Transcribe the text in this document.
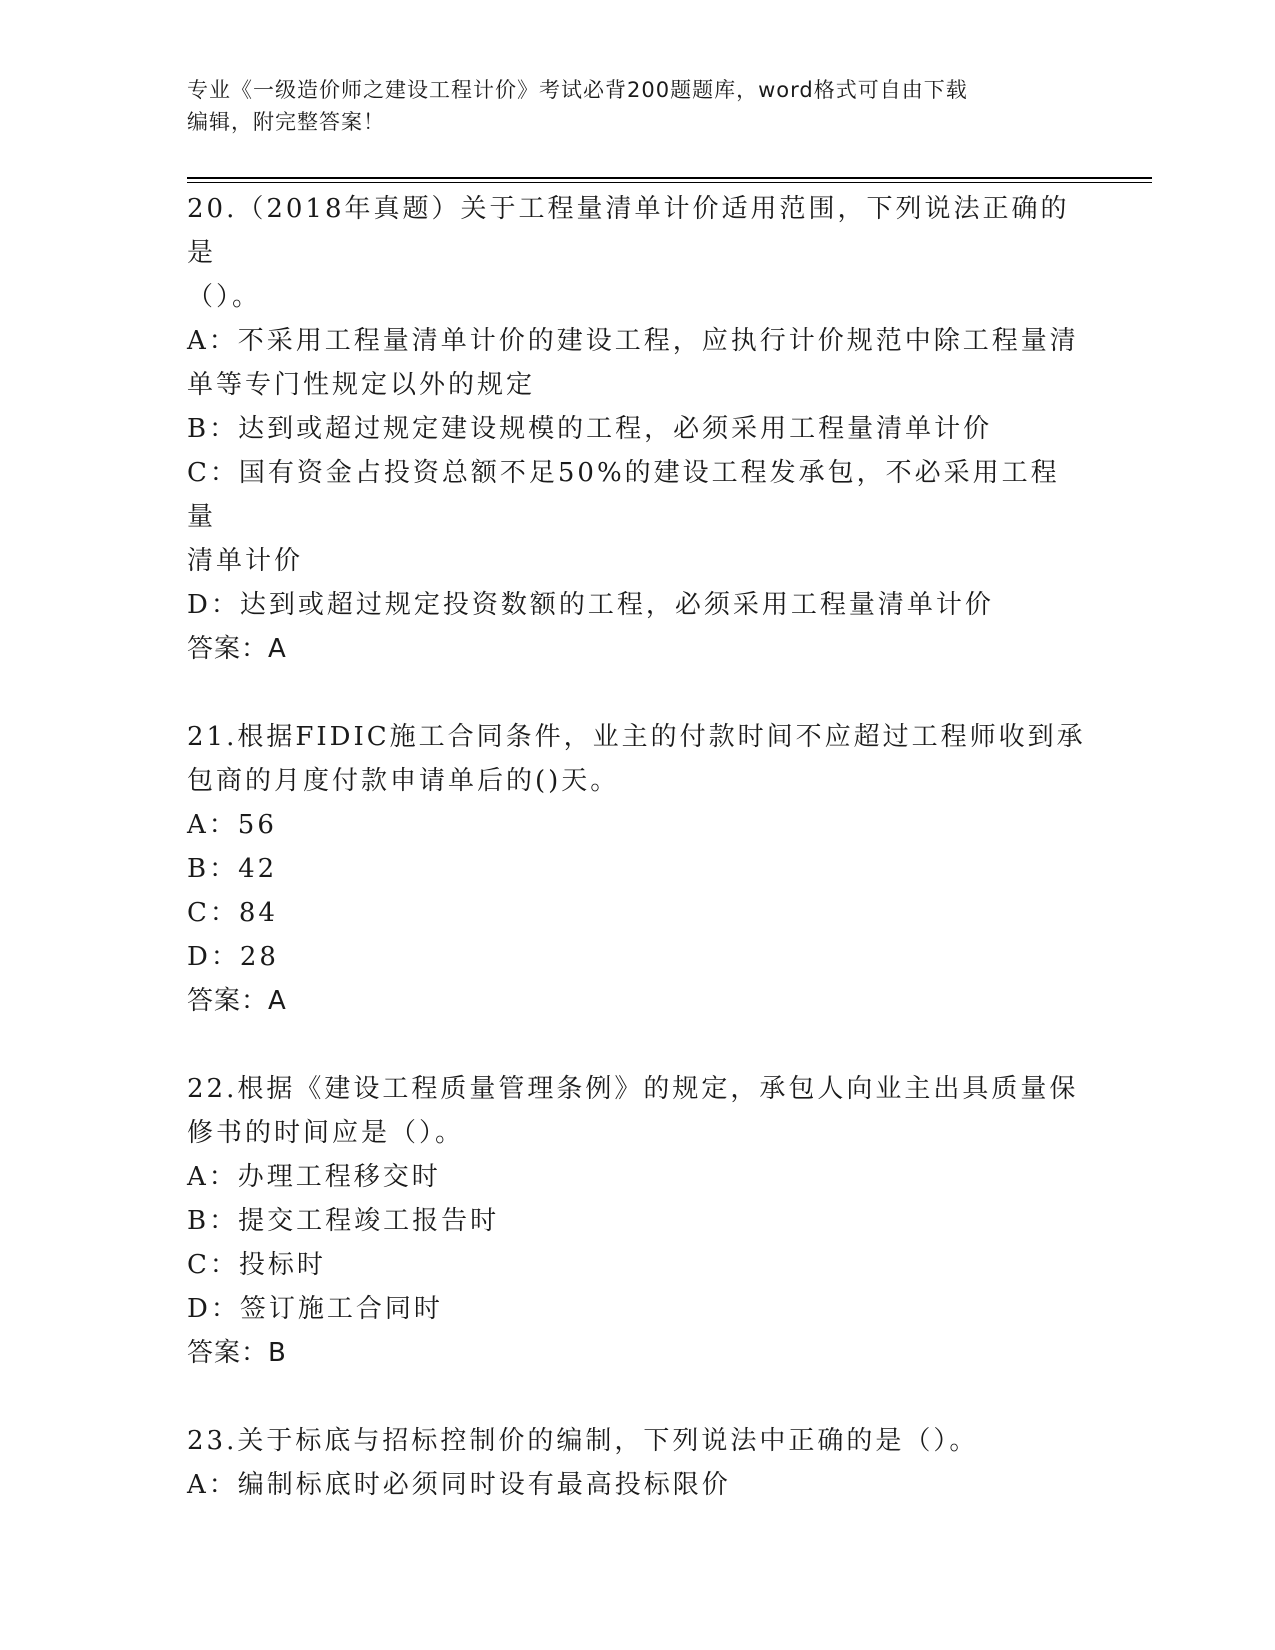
专业《一级造价师之建设工程计价》考试必背200题题库，word格式可自由下载
编辑，附完整答案！

20.（2018年真题）关于工程量清单计价适用范围，下列说法正确的是

（）。

A：不采用工程量清单计价的建设工程，应执行计价规范中除工程量清

单等专门性规定以外的规定

B：达到或超过规定建设规模的工程，必须采用工程量清单计价

C：国有资金占投资总额不足50%的建设工程发承包，不必采用工程量

清单计价

D：达到或超过规定投资数额的工程，必须采用工程量清单计价

答案：A

21.根据FIDIC施工合同条件，业主的付款时间不应超过工程师收到承

包商的月度付款申请单后的()天。

A：56

B：42

C：84

D：28

答案：A

22.根据《建设工程质量管理条例》的规定，承包人向业主出具质量保

修书的时间应是（）。

A：办理工程移交时

B：提交工程竣工报告时

C：投标时

D：签订施工合同时

答案：B

23.关于标底与招标控制价的编制，下列说法中正确的是（）。

A：编制标底时必须同时设有最高投标限价
